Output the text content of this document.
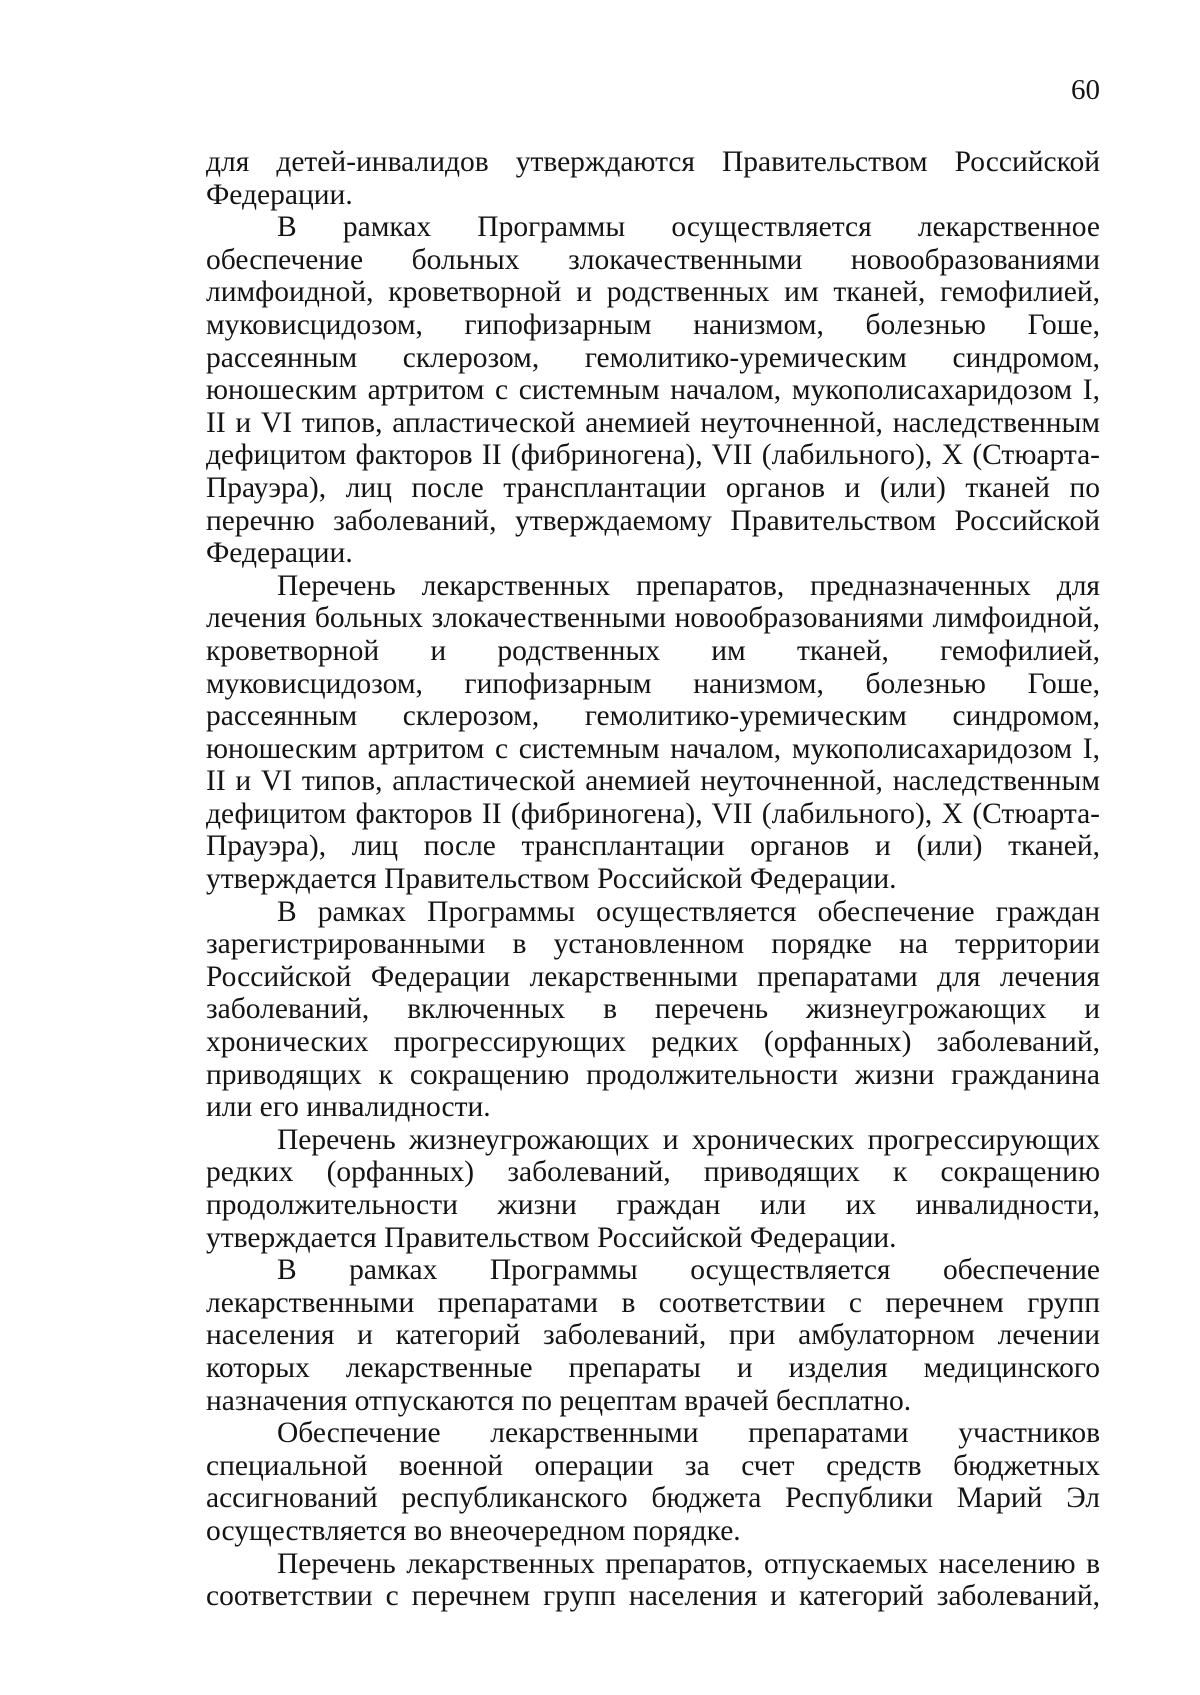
60

для детей-инвалидов утверждаются Правительством Российской Федерации.

В рамках Программы осуществляется лекарственное обеспечение больных злокачественными новообразованиями лимфоидной, кроветворной и родственных им тканей, гемофилией, муковисцидозом, гипофизарным нанизмом, болезнью Гоше, рассеянным склерозом, гемолитико-уремическим синдромом, юношеским артритом с системным началом, мукополисахаридозом I, II и VI типов, апластической анемией неуточненной, наследственным дефицитом факторов II (фибриногена), VII (лабильного), X (Стюарта-Прауэра), лиц после трансплантации органов и (или) тканей по перечню заболеваний, утверждаемому Правительством Российской Федерации.

Перечень лекарственных препаратов, предназначенных для лечения больных злокачественными новообразованиями лимфоидной, кроветворной и родственных им тканей, гемофилией, муковисцидозом, гипофизарным нанизмом, болезнью Гоше, рассеянным склерозом, гемолитико-уремическим синдромом, юношеским артритом с системным началом, мукополисахаридозом I, II и VI типов, апластической анемией неуточненной, наследственным дефицитом факторов II (фибриногена), VII (лабильного), X (Стюарта-Прауэра), лиц после трансплантации органов и (или) тканей, утверждается Правительством Российской Федерации.

В рамках Программы осуществляется обеспечение граждан зарегистрированными в установленном порядке на территории Российской Федерации лекарственными препаратами для лечения заболеваний, включенных в перечень жизнеугрожающих и хронических прогрессирующих редких (орфанных) заболеваний, приводящих к сокращению продолжительности жизни гражданина или его инвалидности.

Перечень жизнеугрожающих и хронических прогрессирующих редких (орфанных) заболеваний, приводящих к сокращению продолжительности жизни граждан или их инвалидности, утверждается Правительством Российской Федерации.

В рамках Программы осуществляется обеспечение лекарственными препаратами в соответствии с перечнем групп населения и категорий заболеваний, при амбулаторном лечении которых лекарственные препараты и изделия медицинского назначения отпускаются по рецептам врачей бесплатно.

Обеспечение лекарственными препаратами участников специальной военной операции за счет средств бюджетных ассигнований республиканского бюджета Республики Марий Эл осуществляется во внеочередном порядке.

Перечень лекарственных препаратов, отпускаемых населению в соответствии с перечнем групп населения и категорий заболеваний,
